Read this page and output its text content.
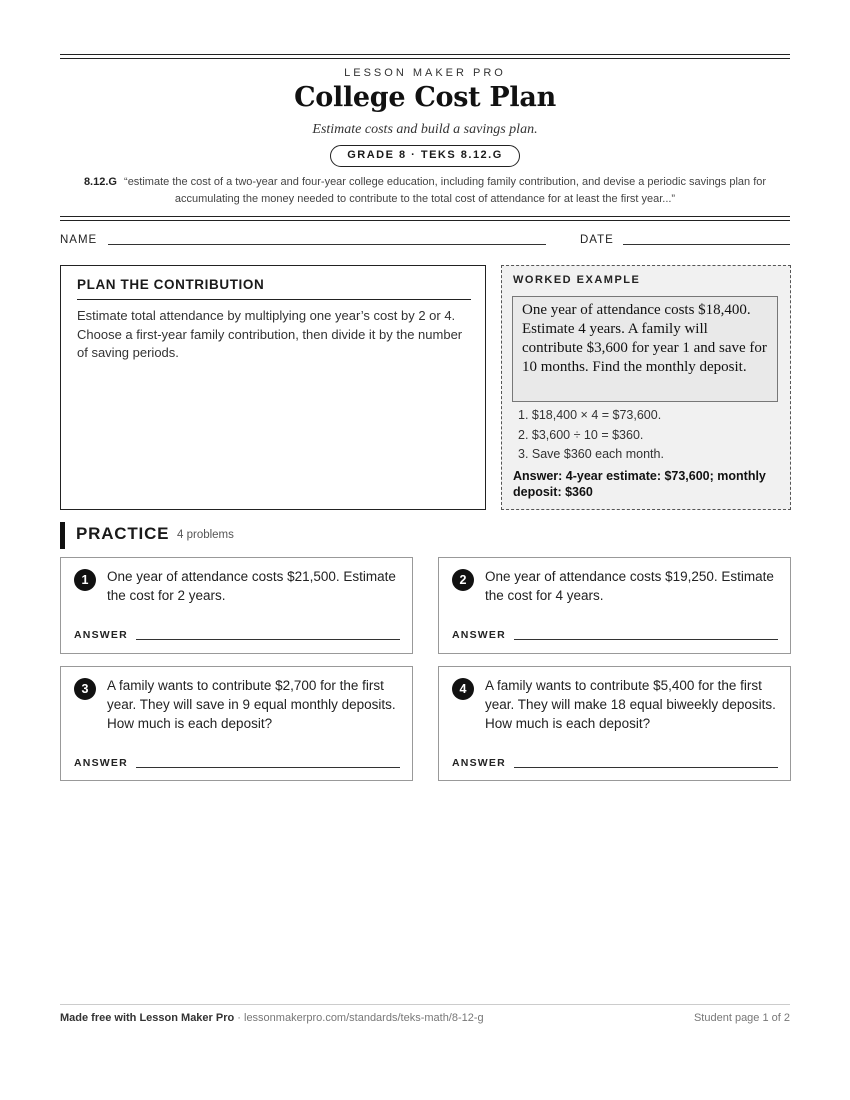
LESSON MAKER PRO
College Cost Plan
Estimate costs and build a savings plan.
GRADE 8 · TEKS 8.12.G
8.12.G “estimate the cost of a two-year and four-year college education, including family contribution, and devise a periodic savings plan for accumulating the money needed to contribute to the total cost of attendance for at least the first year...”
NAME	DATE
PLAN THE CONTRIBUTION
Estimate total attendance by multiplying one year’s cost by 2 or 4. Choose a first-year family contribution, then divide it by the number of saving periods.
WORKED EXAMPLE
One year of attendance costs $18,400. Estimate 4 years. A family will contribute $3,600 for year 1 and save for 10 months. Find the monthly deposit.
1. $18,400 × 4 = $73,600.
2. $3,600 ÷ 10 = $360.
3. Save $360 each month.
Answer: 4-year estimate: $73,600; monthly deposit: $360
PRACTICE 4 problems
1	One year of attendance costs $21,500. Estimate the cost for 2 years.
ANSWER
2	One year of attendance costs $19,250. Estimate the cost for 4 years.
ANSWER
3	A family wants to contribute $2,700 for the first year. They will save in 9 equal monthly deposits. How much is each deposit?
ANSWER
4	A family wants to contribute $5,400 for the first year. They will make 18 equal biweekly deposits. How much is each deposit?
ANSWER
Made free with Lesson Maker Pro · lessonmakerpro.com/standards/teks-math/8-12-g	Student page 1 of 2
